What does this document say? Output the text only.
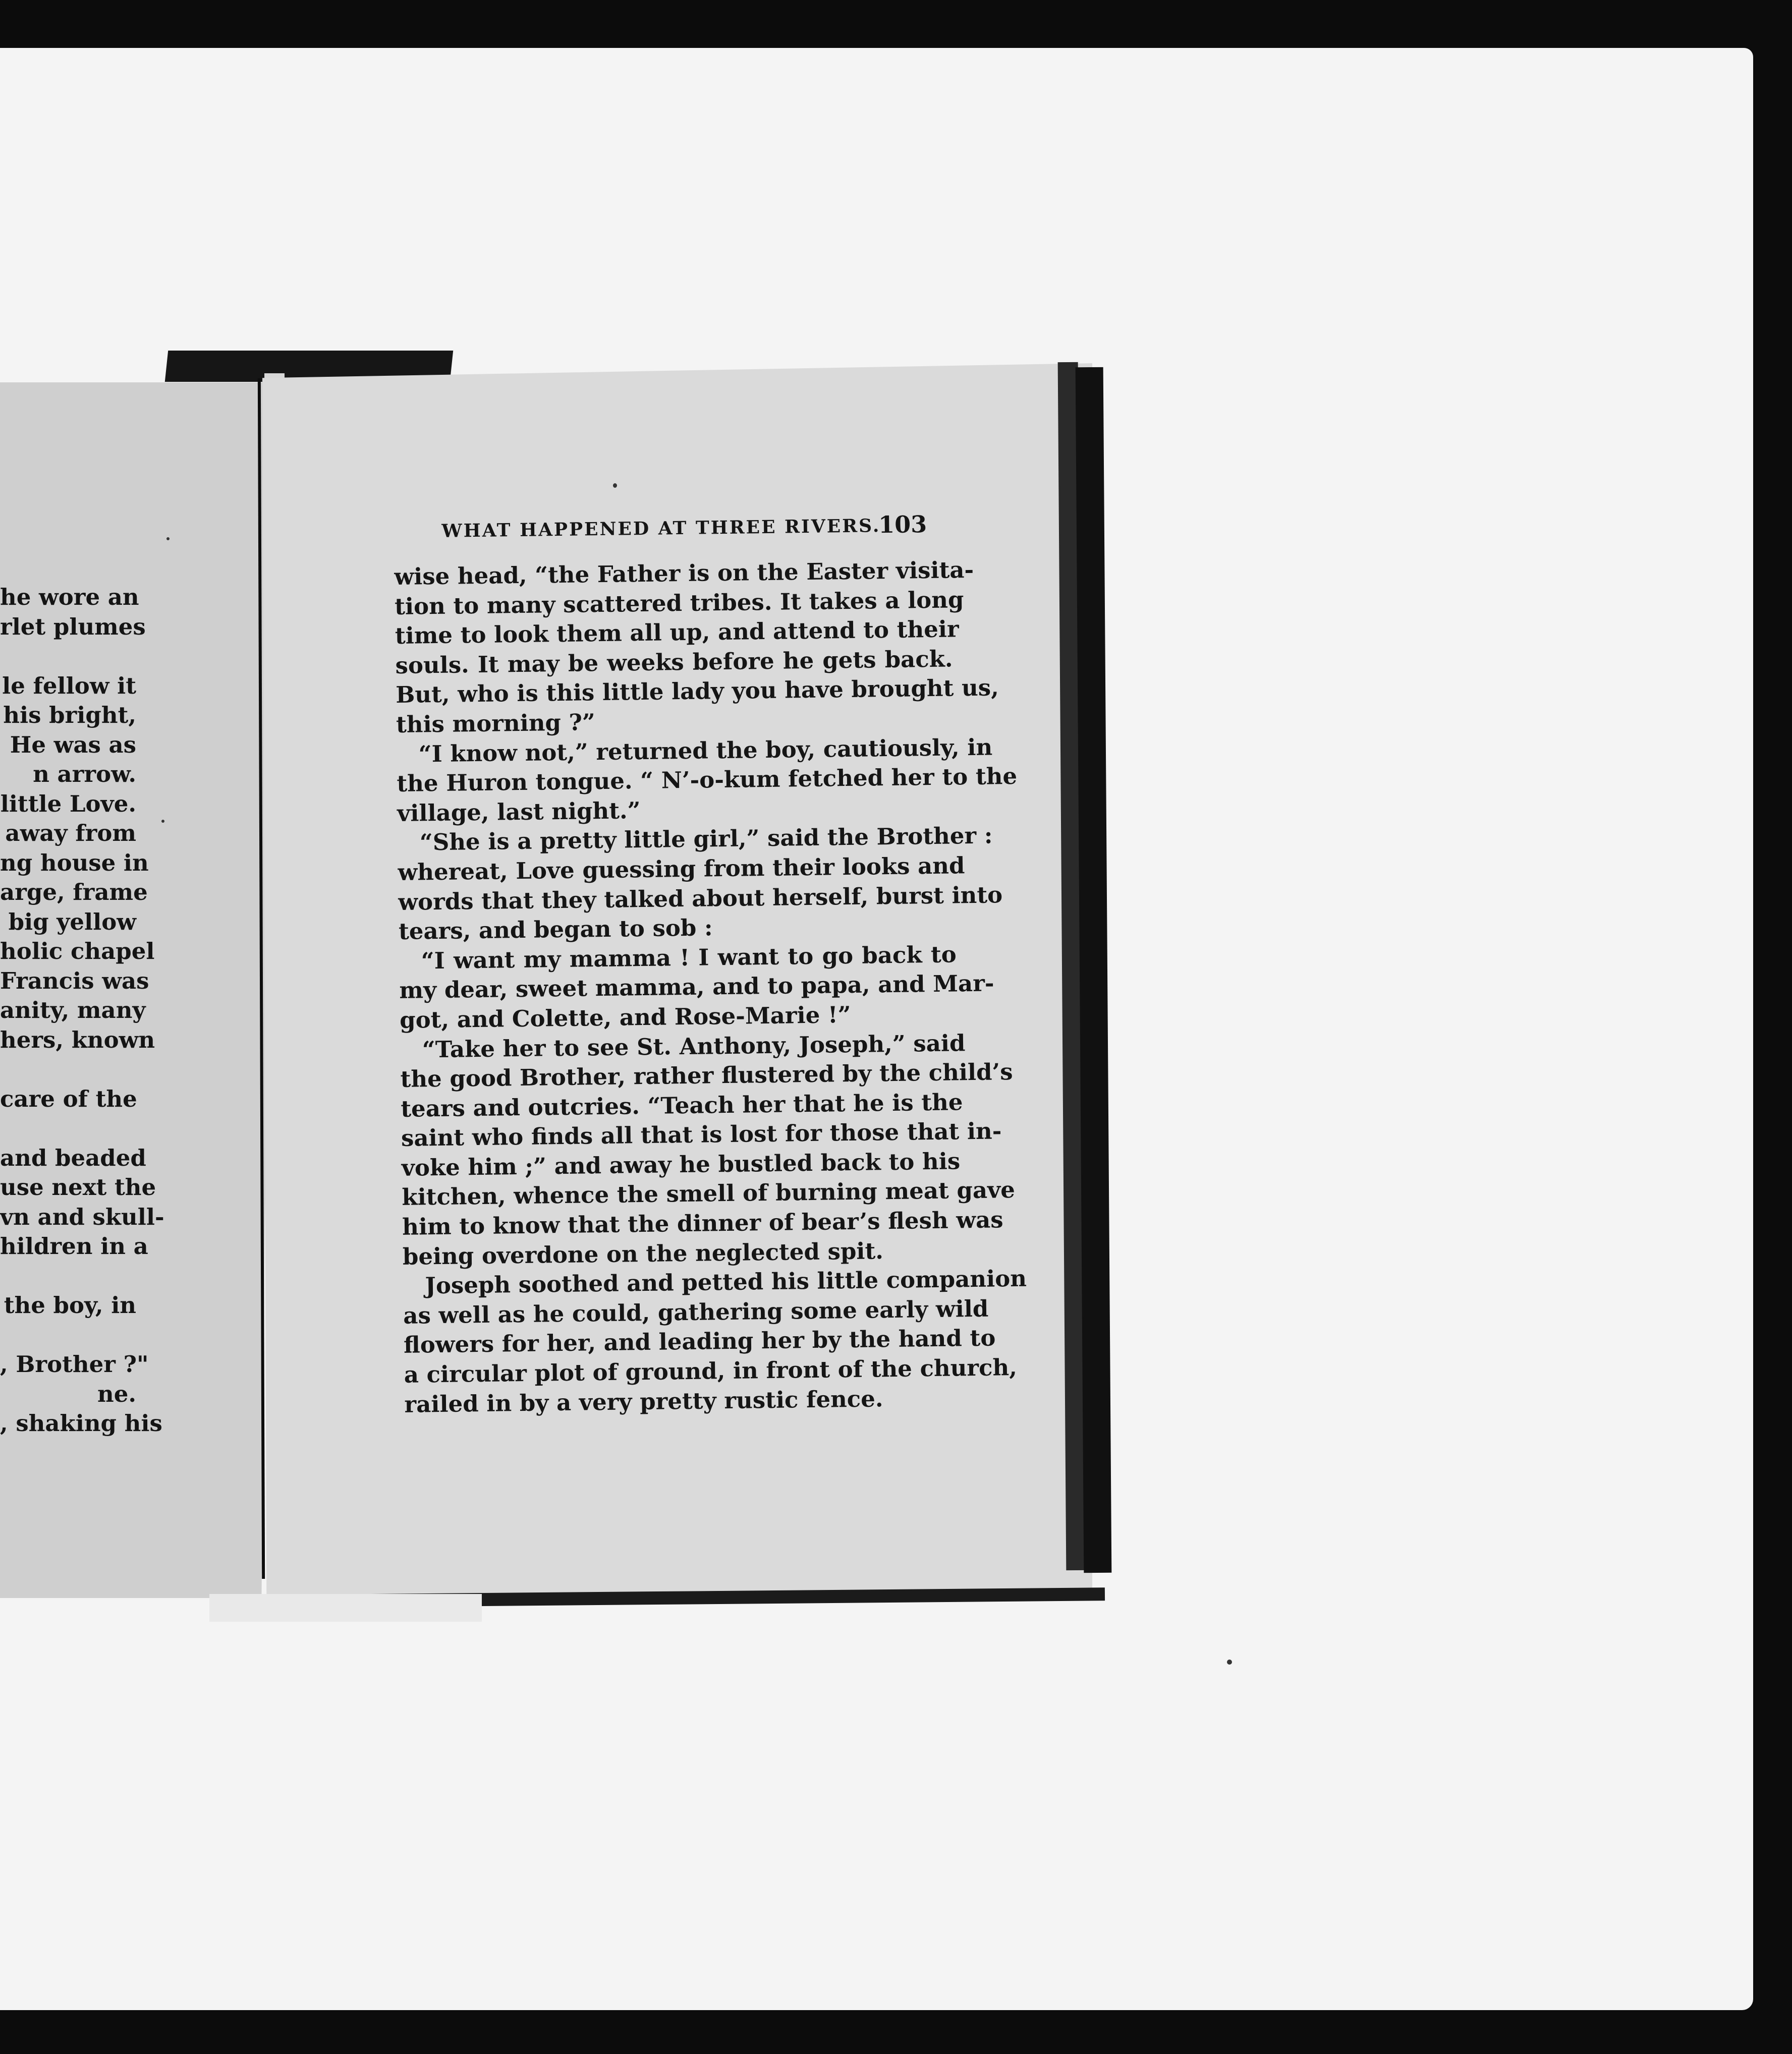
he wore an
rlet plumes
le fellow it
his bright,
He was as
n arrow.
little Love.
away from
ng house in
arge, frame
big yellow
holic chapel
Francis was
anity, many
hers, known
care of the
and beaded
use next the
vn and skull-
hildren in a
the boy, in
, Brother ?"
ne.
, shaking his
WHAT HAPPENED AT THREE RIVERS.
103
wise head, “the Father is on the Easter visita-
tion to many scattered tribes. It takes a long
time to look them all up, and attend to their
souls. It may be weeks before he gets back.
But, who is this little lady you have brought us,
this morning ?”
“I know not,” returned the boy, cautiously, in
the Huron tongue. “ N’-o-kum fetched her to the
village, last night.”
“She is a pretty little girl,” said the Brother :
whereat, Love guessing from their looks and
words that they talked about herself, burst into
tears, and began to sob :
“I want my mamma ! I want to go back to
my dear, sweet mamma, and to papa, and Mar-
got, and Colette, and Rose-Marie !”
“Take her to see St. Anthony, Joseph,” said
the good Brother, rather flustered by the child’s
tears and outcries. “Teach her that he is the
saint who finds all that is lost for those that in-
voke him ;” and away he bustled back to his
kitchen, whence the smell of burning meat gave
him to know that the dinner of bear’s flesh was
being overdone on the neglected spit.
Joseph soothed and petted his little companion
as well as he could, gathering some early wild
flowers for her, and leading her by the hand to
a circular plot of ground, in front of the church,
railed in by a very pretty rustic fence.
